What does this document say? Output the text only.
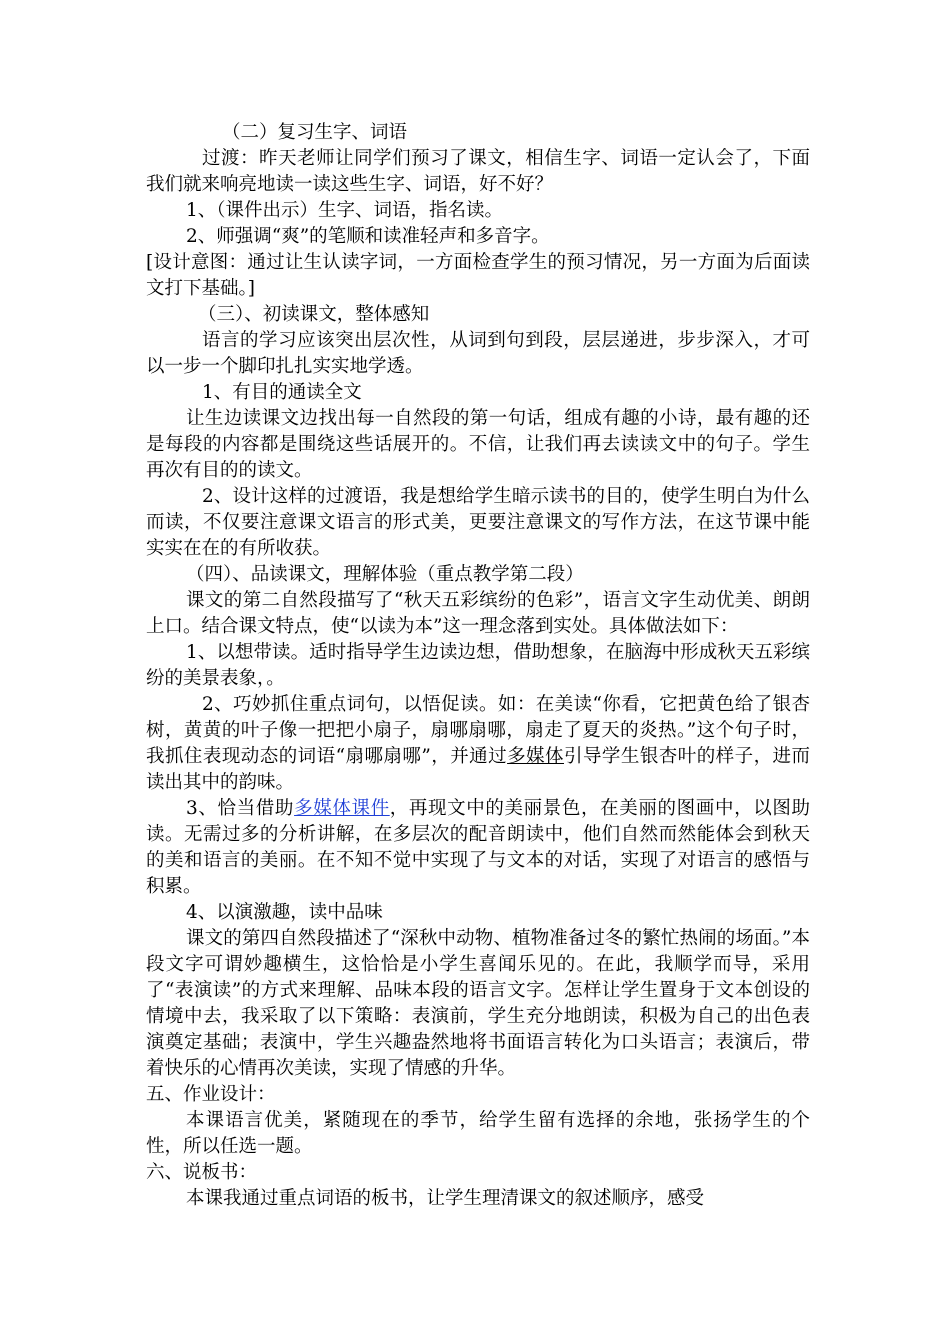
（二）复习生字、词语

过渡：昨天老师让同学们预习了课文，相信生字、词语一定认会了，下面我们就来响亮地读一读这些生字、词语，好不好？

1、（课件出示）生字、词语，指名读。

2、师强调“爽”的笔顺和读准轻声和多音字。

[设计意图：通过让生认读字词，一方面检查学生的预习情况，另一方面为后面读文打下基础。]

（三）、初读课文，整体感知

语言的学习应该突出层次性，从词到句到段，层层递进，步步深入，才可以一步一个脚印扎扎实实地学透。

1、有目的通读全文

让生边读课文边找出每一自然段的第一句话，组成有趣的小诗，最有趣的还是每段的内容都是围绕这些话展开的。不信，让我们再去读读文中的句子。学生再次有目的的读文。

2、设计这样的过渡语，我是想给学生暗示读书的目的，使学生明白为什么而读，不仅要注意课文语言的形式美，更要注意课文的写作方法，在这节课中能实实在在的有所收获。

（四）、品读课文，理解体验（重点教学第二段）

课文的第二自然段描写了“秋天五彩缤纷的色彩”，语言文字生动优美、朗朗上口。结合课文特点，使“以读为本”这一理念落到实处。具体做法如下：

1、以想带读。适时指导学生边读边想，借助想象，在脑海中形成秋天五彩缤纷的美景表象，。

2、巧妙抓住重点词句，以悟促读。如：在美读“你看，它把黄色给了银杏树，黄黄的叶子像一把把小扇子，扇哪扇哪，扇走了夏天的炎热。”这个句子时，我抓住表现动态的词语“扇哪扇哪”，并通过多媒体引导学生银杏叶的样子，进而读出其中的韵味。

3、恰当借助多媒体课件，再现文中的美丽景色，在美丽的图画中，以图助读。无需过多的分析讲解，在多层次的配音朗读中，他们自然而然能体会到秋天的美和语言的美丽。在不知不觉中实现了与文本的对话，实现了对语言的感悟与积累。

4、以演激趣，读中品味

课文的第四自然段描述了“深秋中动物、植物准备过冬的繁忙热闹的场面。”本段文字可谓妙趣横生，这恰恰是小学生喜闻乐见的。在此，我顺学而导，采用了“表演读”的方式来理解、品味本段的语言文字。怎样让学生置身于文本创设的情境中去，我采取了以下策略：表演前，学生充分地朗读，积极为自己的出色表演奠定基础；表演中，学生兴趣盎然地将书面语言转化为口头语言；表演后，带着快乐的心情再次美读，实现了情感的升华。

五、作业设计：

本课语言优美，紧随现在的季节，给学生留有选择的余地，张扬学生的个性，所以任选一题。

六、说板书：

本课我通过重点词语的板书，让学生理清课文的叙述顺序，感受
